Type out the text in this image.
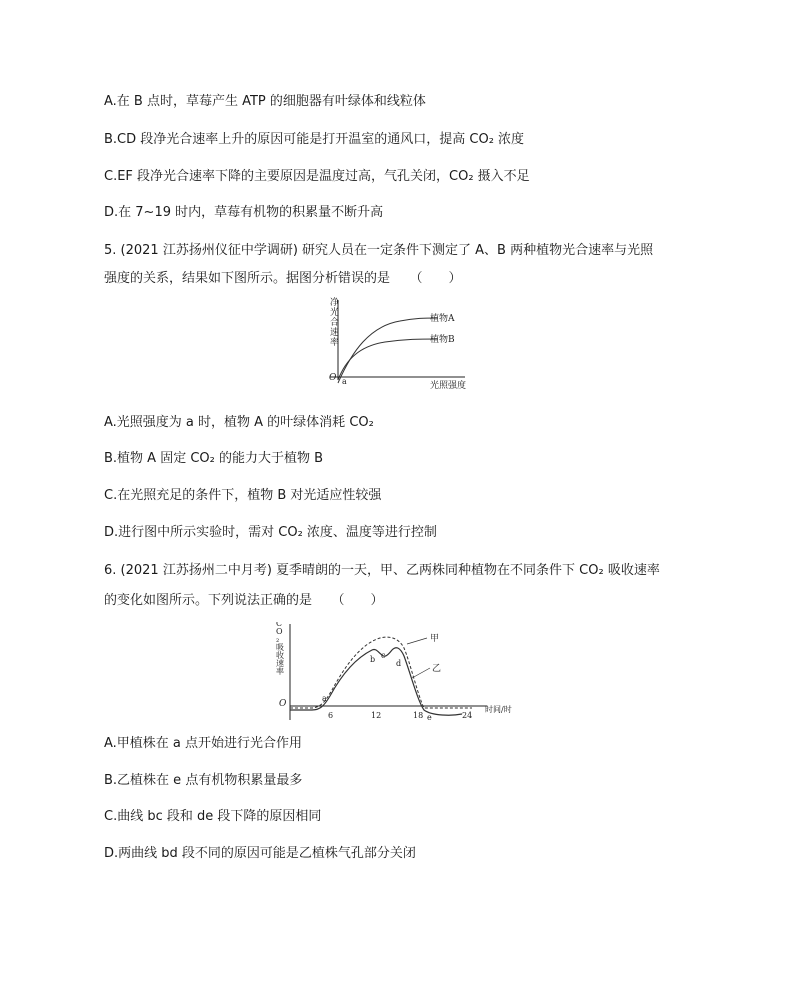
A.在 B 点时，草莓产生 ATP 的细胞器有叶绿体和线粒体
B.CD 段净光合速率上升的原因可能是打开温室的通风口，提高 CO₂ 浓度
C.EF 段净光合速率下降的主要原因是温度过高，气孔关闭，CO₂ 摄入不足
D.在 7~19 时内，草莓有机物的积累量不断升高
5. (2021 江苏扬州仪征中学调研) 研究人员在一定条件下测定了 A、B 两种植物光合速率与光照
强度的关系，结果如下图所示。据图分析错误的是　　（　　）
净光合速率
O a	光照强度
植物A
植物B
A.光照强度为 a 时，植物 A 的叶绿体消耗 CO₂
B.植物 A 固定 CO₂ 的能力大于植物 B
C.在光照充足的条件下，植物 B 对光适应性较强
D.进行图中所示实验时，需对 CO₂ 浓度、温度等进行控制
6. (2021 江苏扬州二中月考) 夏季晴朗的一天，甲、乙两株同种植物在不同条件下 CO₂ 吸收速率
的变化如图所示。下列说法正确的是　　（　　）
C O ₂ 吸收速率
O
6	12	18	24
时间/时
a
b c
d
e
甲
乙
A.甲植株在 a 点开始进行光合作用
B.乙植株在 e 点有机物积累量最多
C.曲线 bc 段和 de 段下降的原因相同
D.两曲线 bd 段不同的原因可能是乙植株气孔部分关闭
